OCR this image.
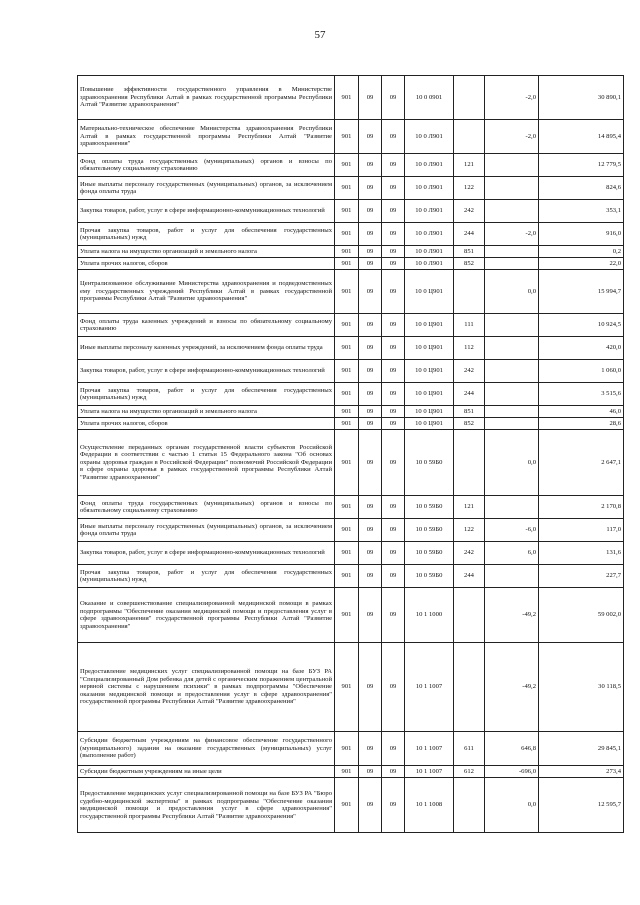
57
Повышение эффективности государственного управления в Министерстве здравоохранения Республики Алтай в рамках государственной программы Республики Алтай "Развитие здравоохранения"	901	09	09	10 0 0901		-2,0	30 890,1
Материально-техническое обеспечение Министерства здравоохранения Республики Алтай в рамках государственной программы Республики Алтай "Развитие здравоохранения"	901	09	09	10 0 Л901		-2,0	14 895,4
Фонд оплаты труда государственных (муниципальных) органов и взносы по обязательному социальному страхованию	901	09	09	10 0 Л901	121		12 779,5
Иные выплаты персоналу государственных (муниципальных) органов, за исключением фонда оплаты труда	901	09	09	10 0 Л901	122		824,6
Закупка товаров, работ, услуг в сфере информационно-коммуникационных технологий	901	09	09	10 0 Л901	242		353,1
Прочая закупка товаров, работ и услуг для обеспечения государственных (муниципальных) нужд	901	09	09	10 0 Л901	244	-2,0	916,0
Уплата налога на имущество организаций и земельного налога	901	09	09	10 0 Л901	851		0,2
Уплата прочих налогов, сборов	901	09	09	10 0 Л901	852		22,0
Централизованное обслуживание Министерства здравоохранения и подведомственных ему государственных учреждений Республики Алтай в рамках государственной программы Республики Алтай "Развитие здравоохранения"	901	09	09	10 0 Ц901		0,0	15 994,7
Фонд оплаты труда казенных учреждений и взносы по обязательному социальному страхованию	901	09	09	10 0 Ц901	111		10 924,5
Иные выплаты персоналу казенных учреждений, за исключением фонда оплаты труда	901	09	09	10 0 Ц901	112		420,0
Закупка товаров, работ, услуг в сфере информационно-коммуникационных технологий	901	09	09	10 0 Ц901	242		1 060,0
Прочая закупка товаров, работ и услуг для обеспечения государственных (муниципальных) нужд	901	09	09	10 0 Ц901	244		3 515,6
Уплата налога на имущество организаций и земельного налога	901	09	09	10 0 Ц901	851		46,0
Уплата прочих налогов, сборов	901	09	09	10 0 Ц901	852		28,6
Осуществление переданных органам государственной власти субъектов Российской Федерации в соответствии с частью 1 статьи 15 Федерального закона "Об основах охраны здоровья граждан в Российской Федерации" полномочий Российской Федерации в сфере охраны здоровья в рамках государственной программы Республики Алтай "Развитие здравоохранения"	901	09	09	10 0 59Б0		0,0	2 647,1
Фонд оплаты труда государственных (муниципальных) органов и взносы по обязательному социальному страхованию	901	09	09	10 0 59Б0	121		2 170,8
Иные выплаты персоналу государственных (муниципальных) органов, за исключением фонда оплаты труда	901	09	09	10 0 59Б0	122	-6,0	117,0
Закупка товаров, работ, услуг в сфере информационно-коммуникационных технологий	901	09	09	10 0 59Б0	242	6,0	131,6
Прочая закупка товаров, работ и услуг для обеспечения государственных (муниципальных) нужд	901	09	09	10 0 59Б0	244		227,7
Оказание и совершенствование специализированной медицинской помощи в рамках подпрограммы "Обеспечение оказания медицинской помощи и предоставления услуг в сфере здравоохранения" государственной программы Республики Алтай "Развитие здравоохранения"	901	09	09	10 1 1000		-49,2	59 002,0
Предоставление медицинских услуг специализированной помощи на базе БУЗ РА "Специализированный Дом ребенка для детей с органическим поражением центральной нервной системы с нарушением психики" в рамках подпрограммы "Обеспечение оказания медицинской помощи и предоставления услуг в сфере здравоохранения" государственной программы Республики Алтай "Развитие здравоохранения"	901	09	09	10 1 1007		-49,2	30 118,5
Субсидии бюджетным учреждениям на финансовое обеспечение государственного (муниципального) задания на оказание государственных (муниципальных) услуг (выполнение работ)	901	09	09	10 1 1007	611	646,8	29 845,1
Субсидии бюджетным учреждениям на иные цели	901	09	09	10 1 1007	612	-696,0	273,4
Предоставление медицинских услуг специализированной помощи на базе БУЗ РА "Бюро судебно-медицинской экспертизы" в рамках подпрограммы "Обеспечение оказания медицинской помощи и предоставления услуг в сфере здравоохранения" государственной программы Республики Алтай "Развитие здравоохранения"	901	09	09	10 1 1008		0,0	12 595,7
